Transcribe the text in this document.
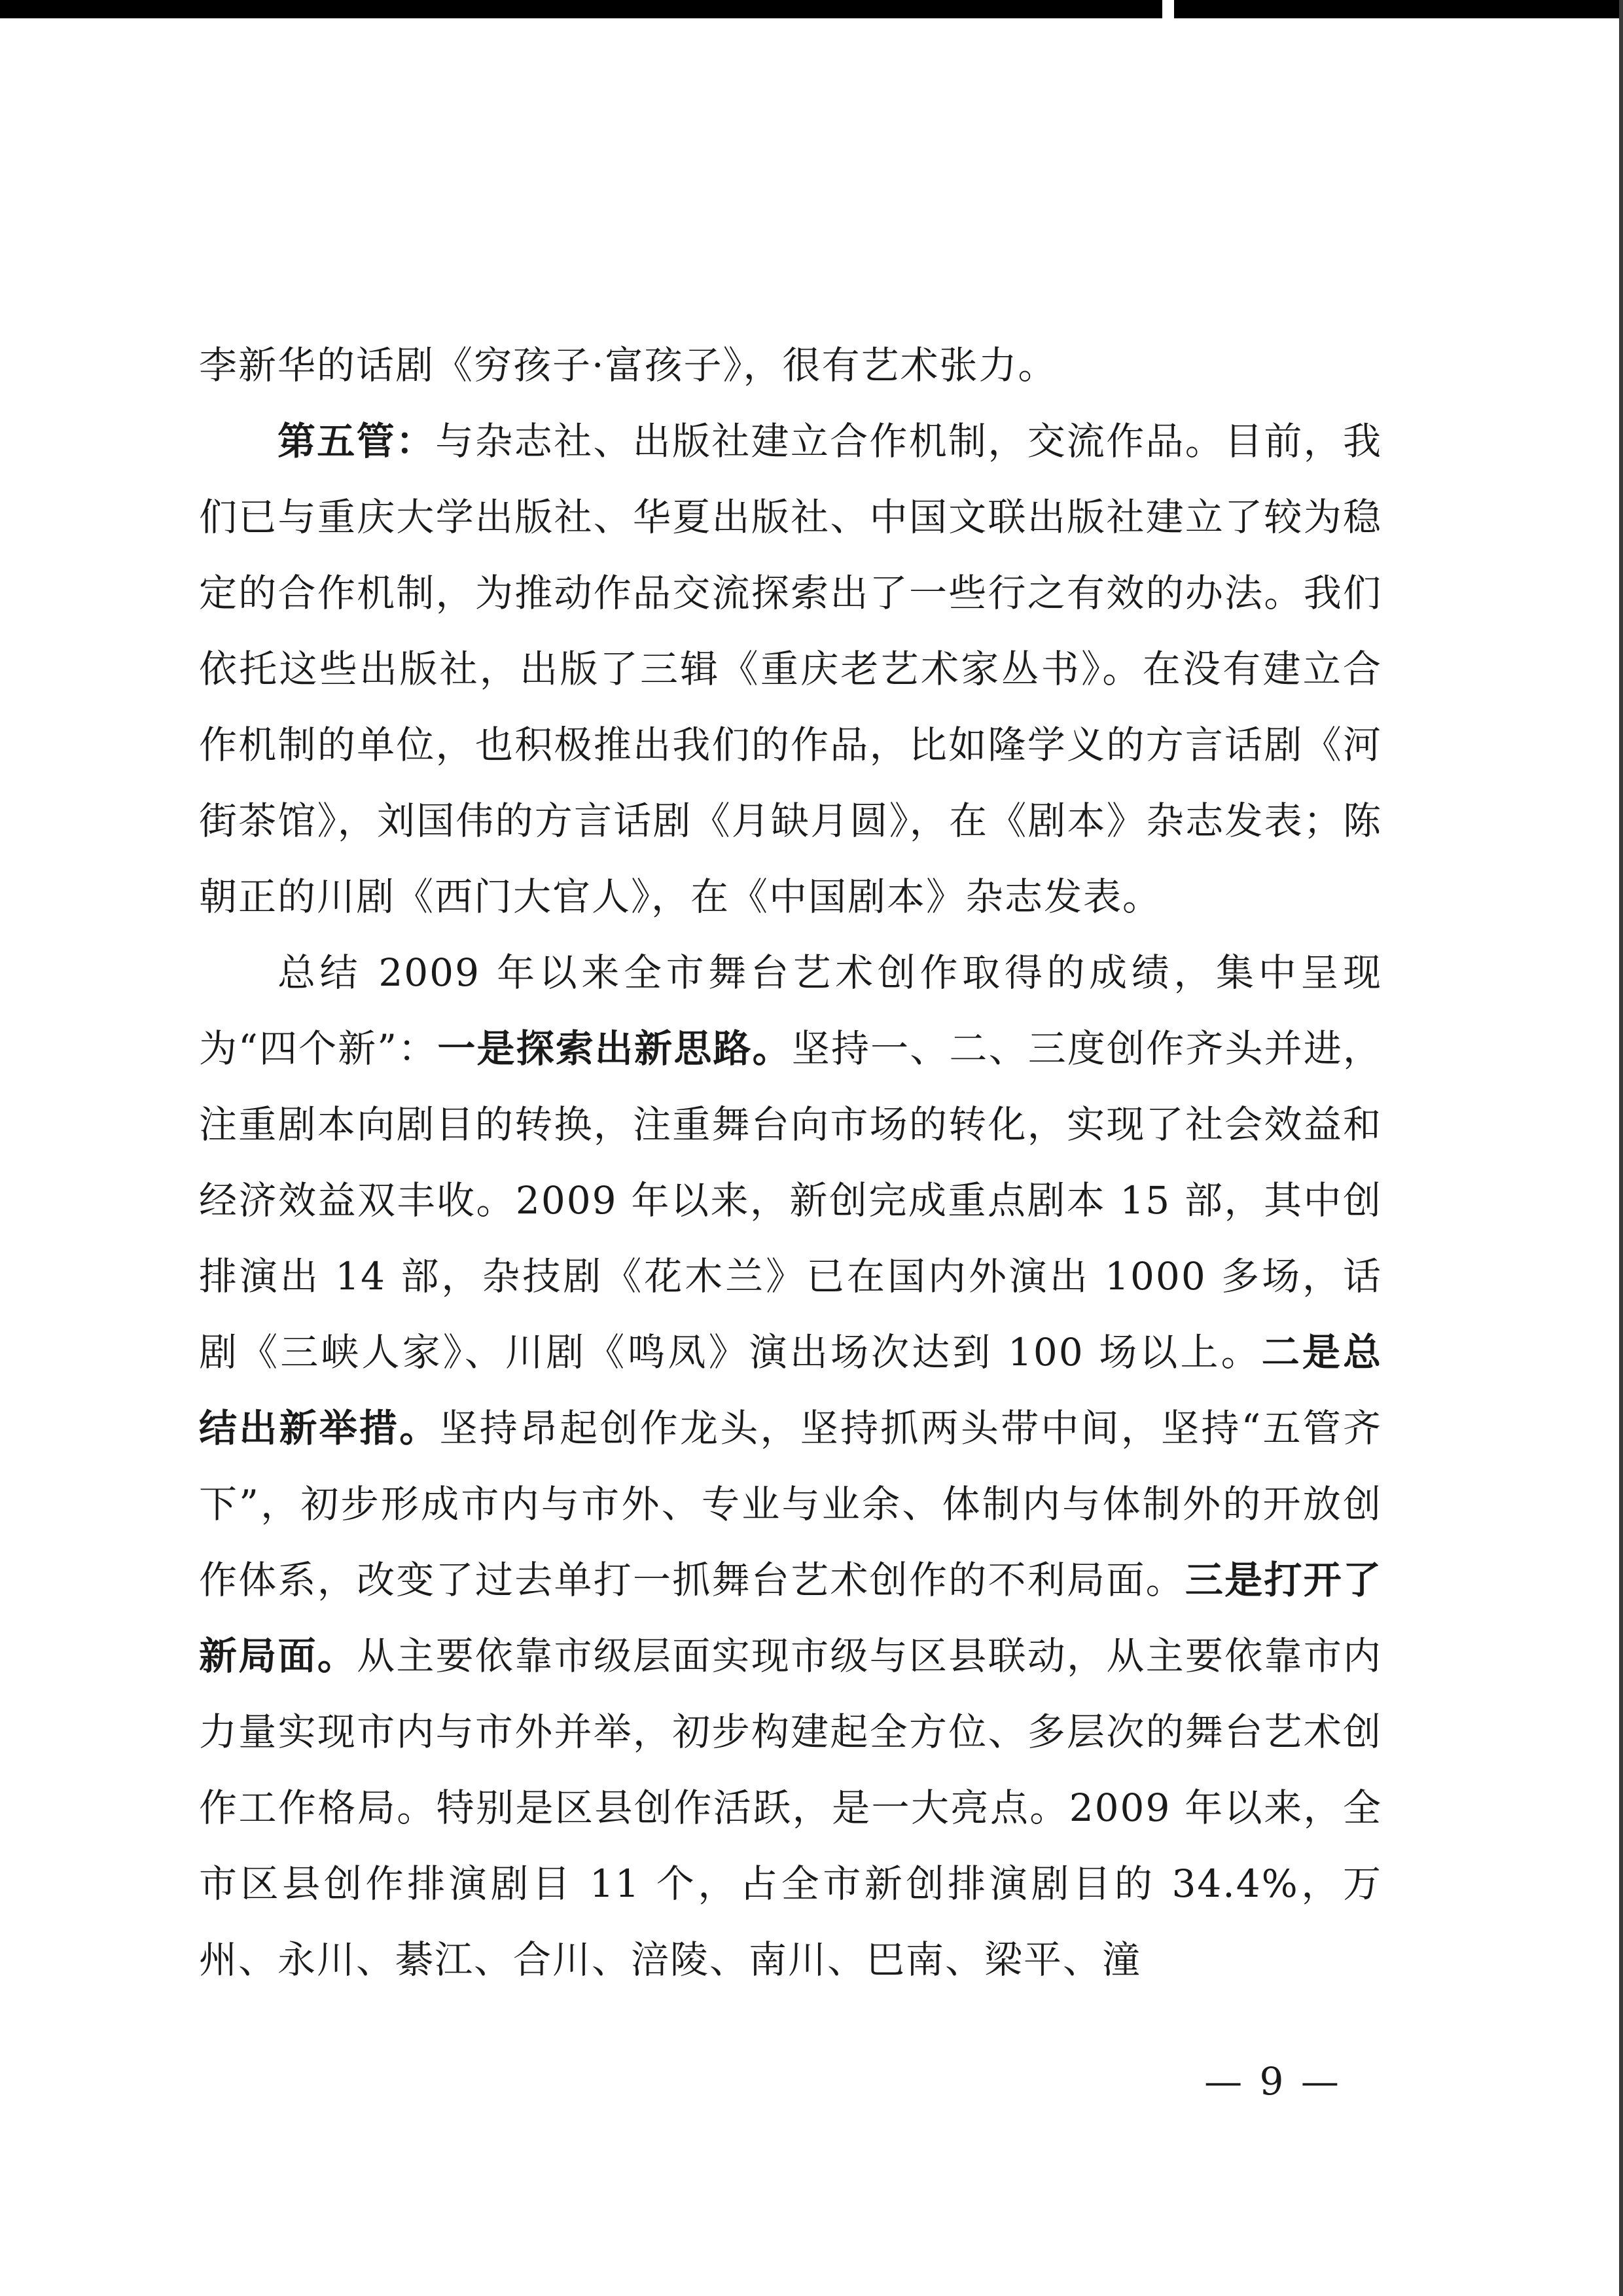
李新华的话剧《穷孩子·富孩子》，很有艺术张力。

第五管：与杂志社、出版社建立合作机制，交流作品。目前，我们已与重庆大学出版社、华夏出版社、中国文联出版社建立了较为稳定的合作机制，为推动作品交流探索出了一些行之有效的办法。我们依托这些出版社，出版了三辑《重庆老艺术家丛书》。在没有建立合作机制的单位，也积极推出我们的作品，比如隆学义的方言话剧《河街茶馆》，刘国伟的方言话剧《月缺月圆》，在《剧本》杂志发表；陈朝正的川剧《西门大官人》，在《中国剧本》杂志发表。

总结 2009 年以来全市舞台艺术创作取得的成绩，集中呈现为“四个新”：一是探索出新思路。坚持一、二、三度创作齐头并进，注重剧本向剧目的转换，注重舞台向市场的转化，实现了社会效益和经济效益双丰收。2009 年以来，新创完成重点剧本 15 部，其中创排演出 14 部，杂技剧《花木兰》已在国内外演出 1000 多场，话剧《三峡人家》、川剧《鸣凤》演出场次达到 100 场以上。二是总结出新举措。坚持昂起创作龙头，坚持抓两头带中间，坚持“五管齐下”，初步形成市内与市外、专业与业余、体制内与体制外的开放创作体系，改变了过去单打一抓舞台艺术创作的不利局面。三是打开了新局面。从主要依靠市级层面实现市级与区县联动，从主要依靠市内力量实现市内与市外并举，初步构建起全方位、多层次的舞台艺术创作工作格局。特别是区县创作活跃，是一大亮点。2009 年以来，全市区县创作排演剧目 11 个，占全市新创排演剧目的 34.4%，万州、永川、綦江、合川、涪陵、南川、巴南、梁平、潼

— 9 —
